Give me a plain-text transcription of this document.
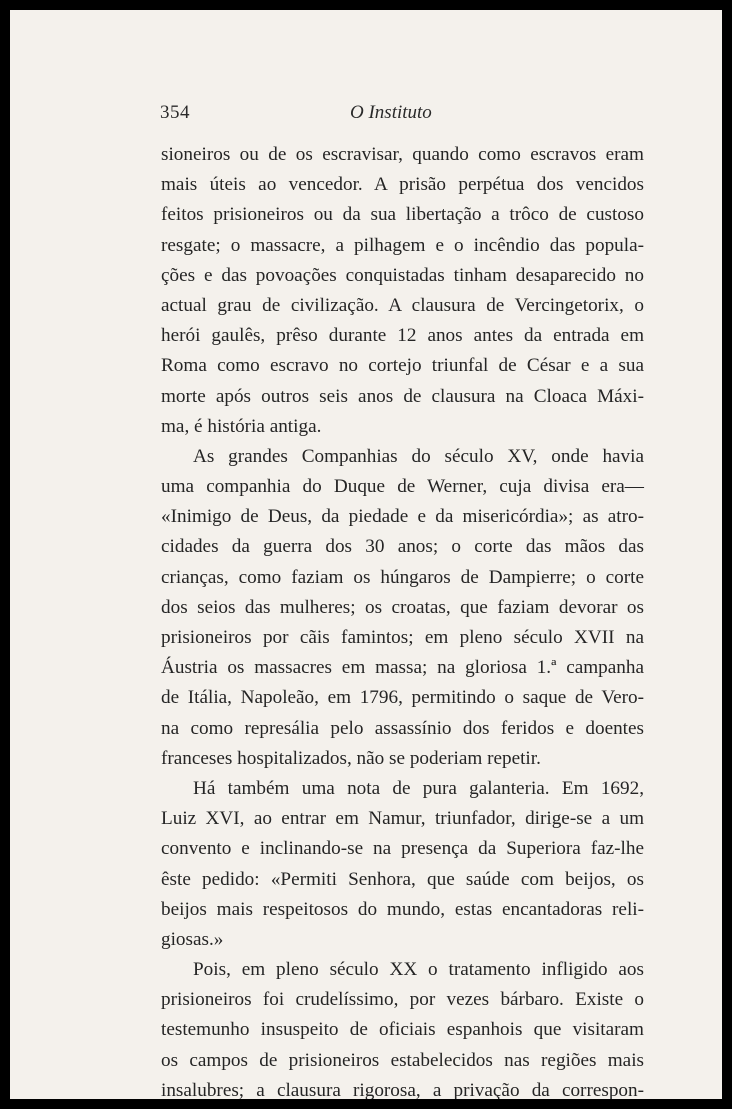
354	O Instituto
sioneiros ou de os escravisar, quando como escravos eram
mais úteis ao vencedor. A prisão perpétua dos vencidos
feitos prisioneiros ou da sua libertação a trôco de custoso
resgate; o massacre, a pilhagem e o incêndio das popula-
ções e das povoações conquistadas tinham desaparecido no
actual grau de civilização. A clausura de Vercingetorix, o
herói gaulês, prêso durante 12 anos antes da entrada em
Roma como escravo no cortejo triunfal de César e a sua
morte após outros seis anos de clausura na Cloaca Máxi-
ma, é história antiga.
As grandes Companhias do século XV, onde havia
uma companhia do Duque de Werner, cuja divisa era—
«Inimigo de Deus, da piedade e da misericórdia»; as atro-
cidades da guerra dos 30 anos; o corte das mãos das
crianças, como faziam os húngaros de Dampierre; o corte
dos seios das mulheres; os croatas, que faziam devorar os
prisioneiros por cãis famintos; em pleno século XVII na
Áustria os massacres em massa; na gloriosa 1.ª campanha
de Itália, Napoleão, em 1796, permitindo o saque de Vero-
na como represália pelo assassínio dos feridos e doentes
franceses hospitalizados, não se poderiam repetir.
Há também uma nota de pura galanteria. Em 1692,
Luiz XVI, ao entrar em Namur, triunfador, dirige-se a um
convento e inclinando-se na presença da Superiora faz-lhe
êste pedido: «Permiti Senhora, que saúde com beijos, os
beijos mais respeitosos do mundo, estas encantadoras reli-
giosas.»
Pois, em pleno século XX o tratamento infligido aos
prisioneiros foi crudelíssimo, por vezes bárbaro. Existe o
testemunho insuspeito de oficiais espanhois que visitaram
os campos de prisioneiros estabelecidos nas regiões mais
insalubres; a clausura rigorosa, a privação da correspon-
